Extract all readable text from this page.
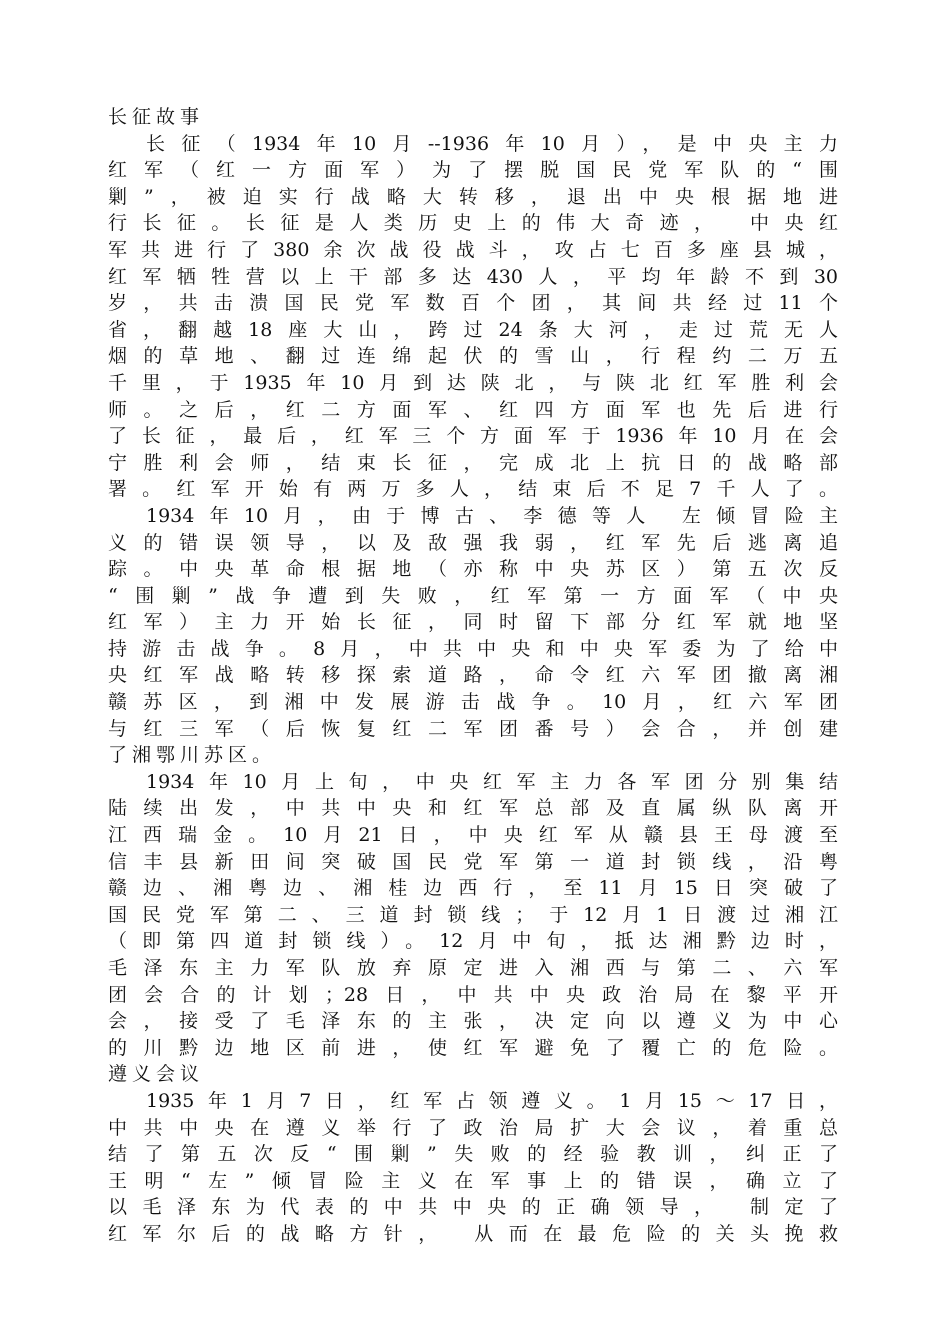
长征故事
长征（1934年10月--1936年10月），是中央主力
红军（红一方面军）为了摆脱国民党军队的“围
剿”，被迫实行战略大转移，退出中央根据地进
行长征。长征是人类历史上的伟大奇迹， 中央红
军共进行了380余次战役战斗，攻占七百多座县城，
红军牺牲营以上干部多达430人，平均年龄不到30
岁，共击溃国民党军数百个团，其间共经过11个
省，翻越18座大山，跨过24条大河，走过荒无人
烟的草地、翻过连绵起伏的雪山，行程约二万五
千里，于1935年10月到达陕北，与陕北红军胜利会
师。之后，红二方面军、红四方面军也先后进行
了长征，最后，红军三个方面军于1936年10月在会
宁胜利会师，结束长征，完成北上抗日的战略部
署。红军开始有两万多人，结束后不足7千人了。
1934年10月，由于博古、李德等人 左倾冒险主
义的错误领导，以及敌强我弱，红军先后逃离追
踪。中央革命根据地（亦称中央苏区）第五次反
“围剿”战争遭到失败，红军第一方面军（中央
红军）主力开始长征，同时留下部分红军就地坚
持游击战争。8月，中共中央和中央军委为了给中
央红军战略转移探索道路，命令红六军团撤离湘
赣苏区，到湘中发展游击战争。10月，红六军团
与红三军（后恢复红二军团番号）会合，并创建
了湘鄂川苏区。
1934年10月上旬，中央红军主力各军团分别集结
陆续出发，中共中央和红军总部及直属纵队离开
江西瑞金。10月21日，中央红军从赣县王母渡至
信丰县新田间突破国民党军第一道封锁线，沿粤
赣边、湘粤边、湘桂边西行，至11月15日突破了
国民党军第二、三道封锁线；于12月1日渡过湘江
（即第四道封锁线）。12月中旬，抵达湘黔边时，
毛泽东主力军队放弃原定进入湘西与第二、六军
团会合的计划；28日，中共中央政治局在黎平开
会，接受了毛泽东的主张，决定向以遵义为中心
的川黔边地区前进，使红军避免了覆亡的危险。
遵义会议
1935年1月7日，红军占领遵义。1月15～17日，
中共中央在遵义举行了政治局扩大会议，着重总
结了第五次反“围剿”失败的经验教训，纠正了
王明“左”倾冒险主义在军事上的错误，确立了
以毛泽东为代表的中共中央的正确领导， 制定了
红军尔后的战略方针， 从而在最危险的关头挽救
